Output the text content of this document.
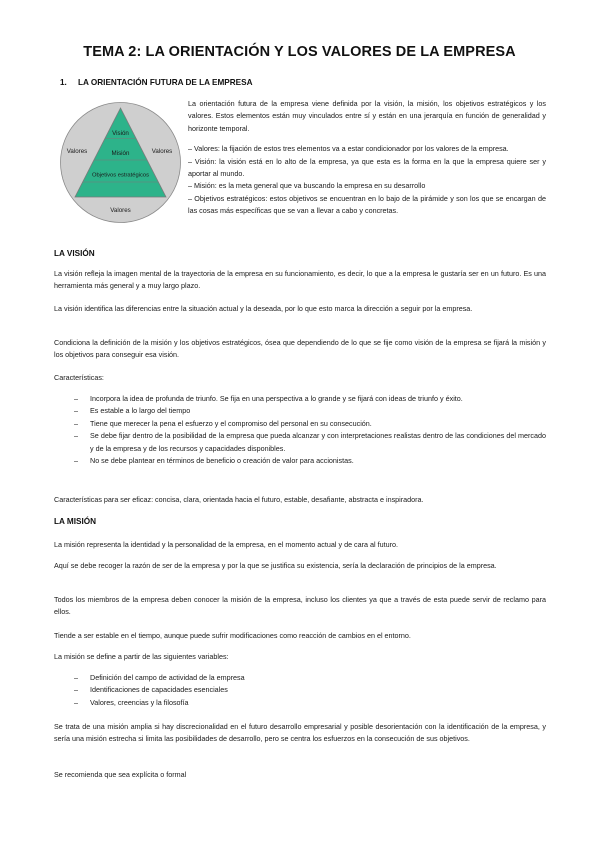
TEMA 2: LA ORIENTACIÓN Y LOS VALORES DE LA EMPRESA
1. LA ORIENTACIÓN FUTURA DE LA EMPRESA
Visión
Misión
Objetivos estratégicos
Valores	Valores
Valores

La orientación futura de la empresa viene definida por la visión, la misión, los objetivos estratégicos y los valores. Estos elementos están muy vinculados entre sí y están en una jerarquía en función de generalidad y horizonte temporal.

– Valores: la fijación de estos tres elementos va a estar condicionador por los valores de la empresa.

– Visión: la visión está en lo alto de la empresa, ya que esta es la forma en la que la empresa quiere ser y aportar al mundo.

– Misión: es la meta general que va buscando la empresa en su desarrollo

– Objetivos estratégicos: estos objetivos se encuentran en lo bajo de la pirámide y son los que se encargan de las cosas más específicas que se van a llevar a cabo y concretas.

LA VISIÓN

La visión refleja la imagen mental de la trayectoria de la empresa en su funcionamiento, es decir, lo que a la empresa le gustaría ser en un futuro. Es una herramienta más general y a muy largo plazo.

La visión identifica las diferencias entre la situación actual y la deseada, por lo que esto marca la dirección a seguir por la empresa.

Condiciona la definición de la misión y los objetivos estratégicos, ósea que dependiendo de lo que se fije como visión de la empresa se fijará la misión y los objetivos para conseguir esa visión.

Características:

– Incorpora la idea de profunda de triunfo. Se fija en una perspectiva a lo grande y se fijará con ideas de triunfo y éxito.
– Es estable a lo largo del tiempo
– Tiene que merecer la pena el esfuerzo y el compromiso del personal en su consecución.
– Se debe fijar dentro de la posibilidad de la empresa que pueda alcanzar y con interpretaciones realistas dentro de las condiciones del mercado y de la empresa y de los recursos y capacidades disponibles.
– No se debe plantear en términos de beneficio o creación de valor para accionistas.

Características para ser eficaz: concisa, clara, orientada hacia el futuro, estable, desafiante, abstracta e inspiradora.

LA MISIÓN

La misión representa la identidad y la personalidad de la empresa, en el momento actual y de cara al futuro.

Aquí se debe recoger la razón de ser de la empresa y por la que se justifica su existencia, sería la declaración de principios de la empresa.

Todos los miembros de la empresa deben conocer la misión de la empresa, incluso los clientes ya que a través de esta puede servir de reclamo para ellos.

Tiende a ser estable en el tiempo, aunque puede sufrir modificaciones como reacción de cambios en el entorno.

La misión se define a partir de las siguientes variables:

– Definición del campo de actividad de la empresa
– Identificaciones de capacidades esenciales
– Valores, creencias y la filosofía

Se trata de una misión amplia si hay discrecionalidad en el futuro desarrollo empresarial y posible desorientación con la identificación de la empresa, y sería una misión estrecha si limita las posibilidades de desarrollo, pero se centra los esfuerzos en la consecución de sus objetivos.

Se recomienda que sea explícita o formal
